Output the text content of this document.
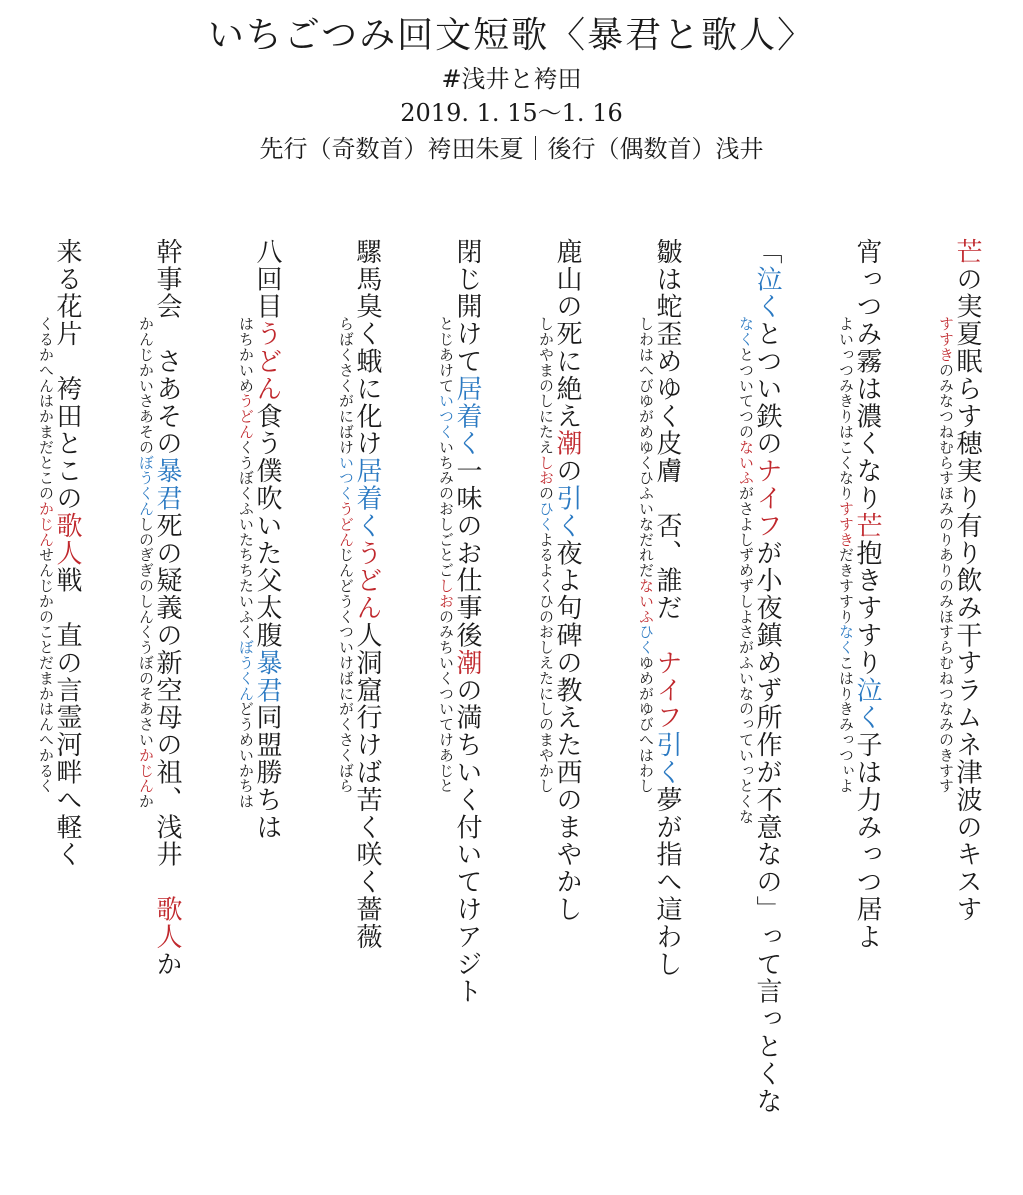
いちごつみ回文短歌〈暴君と歌人〉
#浅井と袴田
2019. 1. 15〜1. 16
先行（奇数首）袴田朱夏｜後行（偶数首）浅井
芒の実夏眠らす穂実り有り飲み干すラムネ津波のキスす
すすきのみなつねむらすほみのりありのみほすらむねつなみのきすす
宵っつみ霧は濃くなり芒抱きすすり泣く子は力みっつ居よ
よいっつみきりはこくなりすすきだきすすりなくこはりきみっつぃよ
「泣くとつい鉄のナイフが小夜鎮めず所作が不意なの」って言っとくな
なくとついてつのないふがさよしずめずしよさがふいなのっていっとくな
皺は蛇歪めゆく皮膚　否、誰だ　ナイフ引く夢が指へ這わし
しわはへびゆがめゆくひふいなだれだないふひくゆめがゆびへはわし
鹿山の死に絶え潮の引く夜よ句碑の教えた西のまやかし
しかやまのしにたえしおのひくよるよくひのおしえたにしのまやかし
閉じ開けて居着く一味のお仕事後潮の満ちいく付いてけアジト
とじあけていつくいちみのおしごとごしおのみちいくついてけあじと
騾馬臭く蛾に化け居着くうどん人洞窟行けば苦く咲く薔薇
らばくさくがにばけいつくうどんじんどうくついけばにがくさくばら
八回目うどん食う僕吹いた父太腹暴君同盟勝ちは
はちかいめうどんくうぼくふいたちちたいふくぼうくんどうめいかちは
幹事会　さあその暴君死の疑義の新空母の祖、浅井　歌人か
かんじかいさあそのぼうくんしのぎぎのしんくうぼのそあさいかじんか
来る花片　袴田とこの歌人戦　直の言霊河畔へ軽く
くるかへんはかまだとこのかじんせんじかのことだまかはんへかるく
